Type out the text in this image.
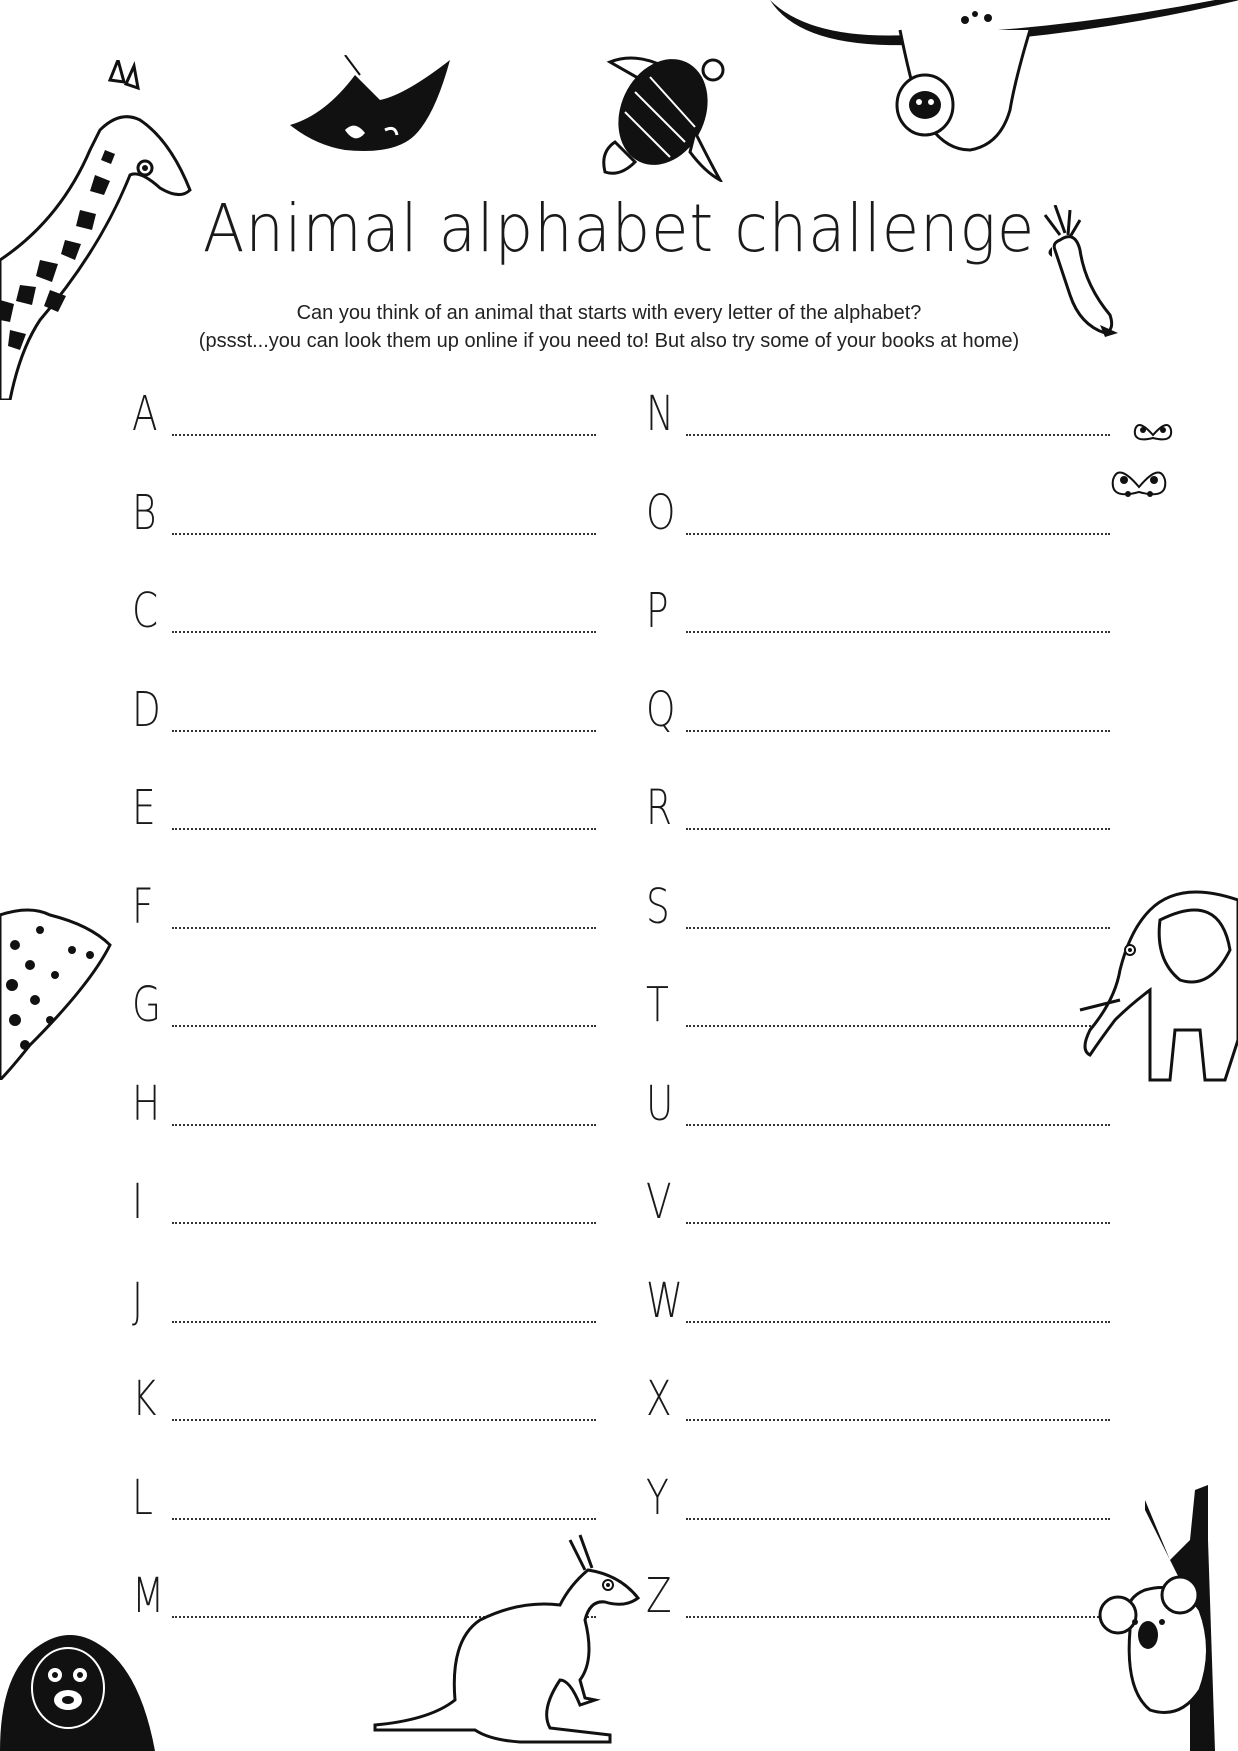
Animal alphabet challenge
Can you think of an animal that starts with every letter of the alphabet?
(pssst...you can look them up online if you need to! But also try some of your books at home)
A
B
C
D
E
F
G
H
I
J
K
L
M
N
O
P
Q
R
S
T
U
V
W
X
Y
Z
